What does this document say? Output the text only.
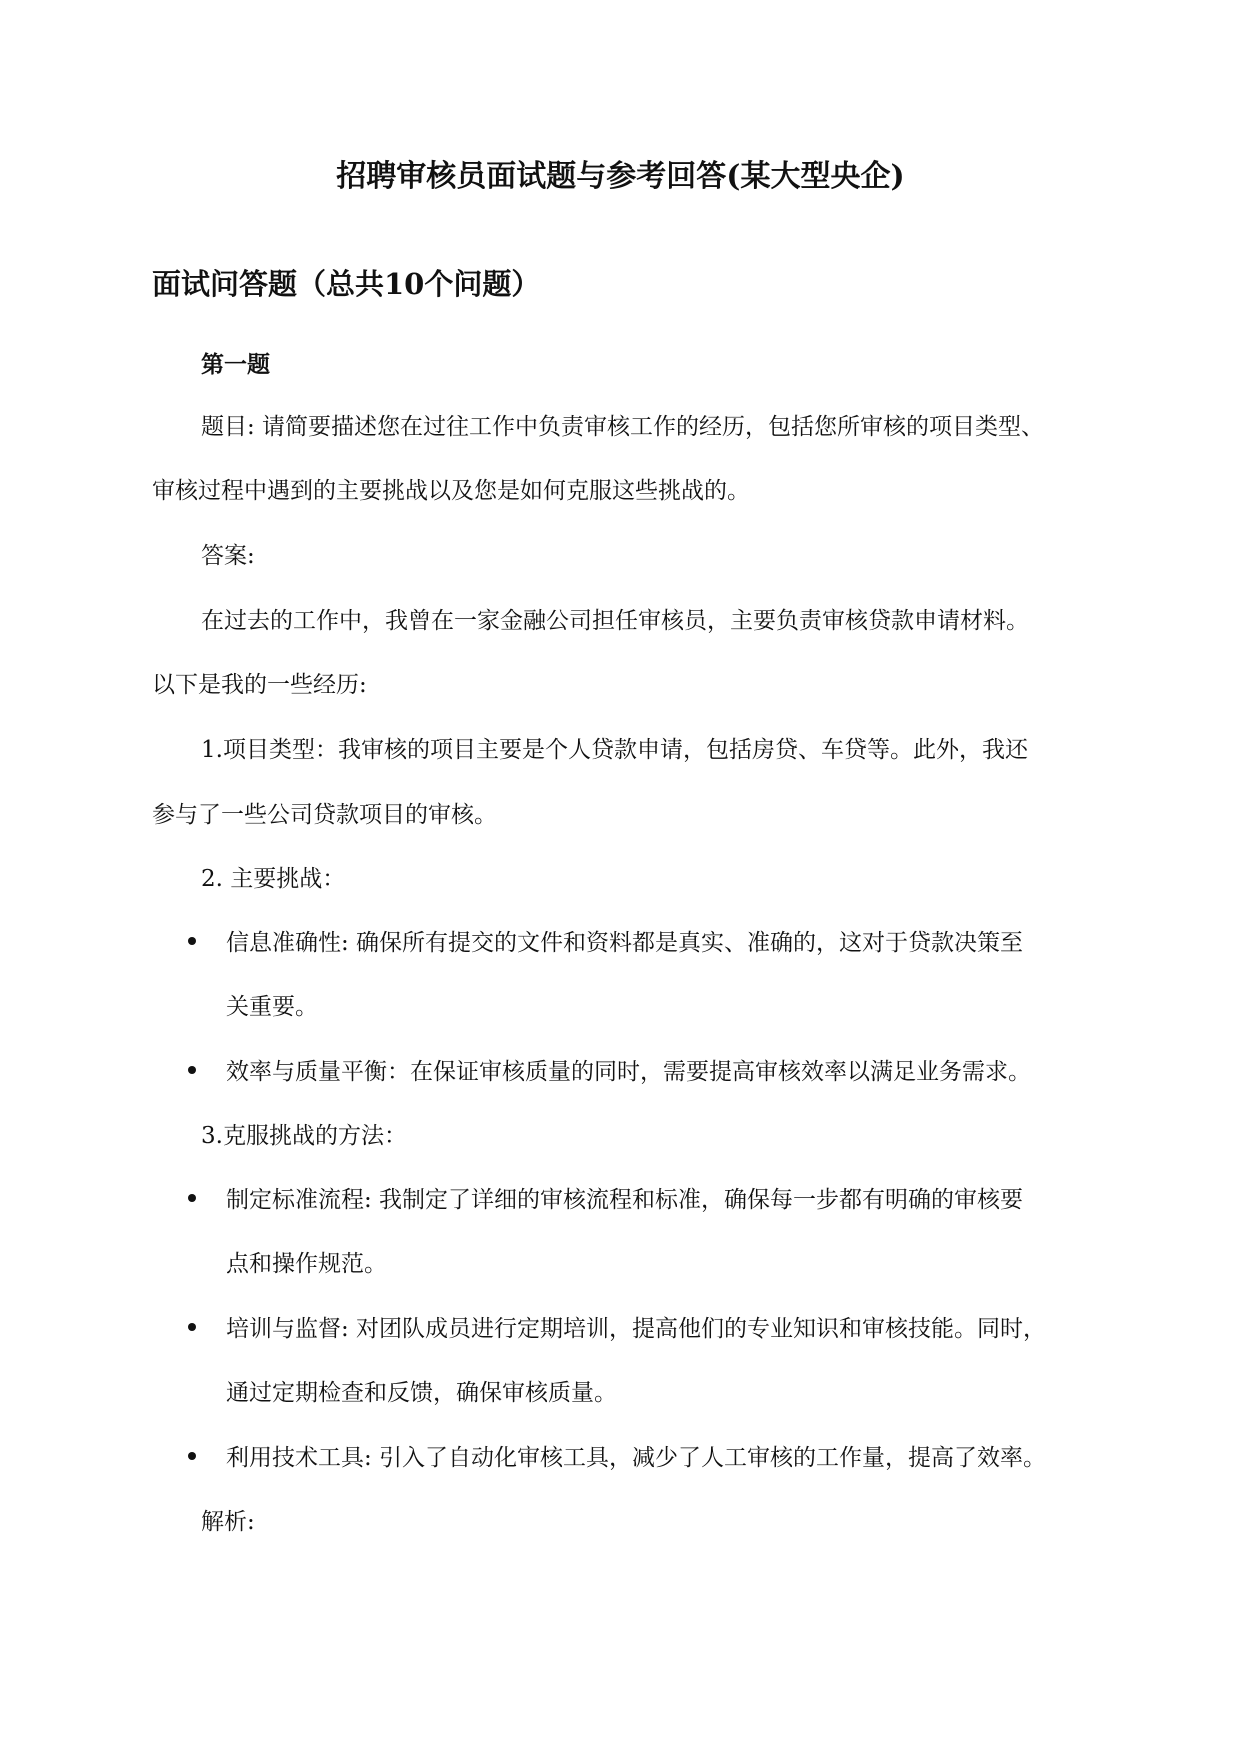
招聘审核员面试题与参考回答(某大型央企)
面试问答题（总共10个问题）
第一题
题目: 请简要描述您在过往工作中负责审核工作的经历，包括您所审核的项目类型、
审核过程中遇到的主要挑战以及您是如何克服这些挑战的。
答案:
在过去的工作中，我曾在一家金融公司担任审核员，主要负责审核贷款申请材料。
以下是我的一些经历:
1.项目类型：我审核的项目主要是个人贷款申请，包括房贷、车贷等。此外，我还
参与了一些公司贷款项目的审核。
2. 主要挑战：
信息准确性: 确保所有提交的文件和资料都是真实、准确的，这对于贷款决策至
关重要。
效率与质量平衡：在保证审核质量的同时，需要提高审核效率以满足业务需求。
3.克服挑战的方法：
制定标准流程: 我制定了详细的审核流程和标准，确保每一步都有明确的审核要
点和操作规范。
培训与监督: 对团队成员进行定期培训，提高他们的专业知识和审核技能。同时，
通过定期检查和反馈，确保审核质量。
利用技术工具: 引入了自动化审核工具，减少了人工审核的工作量，提高了效率。
解析:
